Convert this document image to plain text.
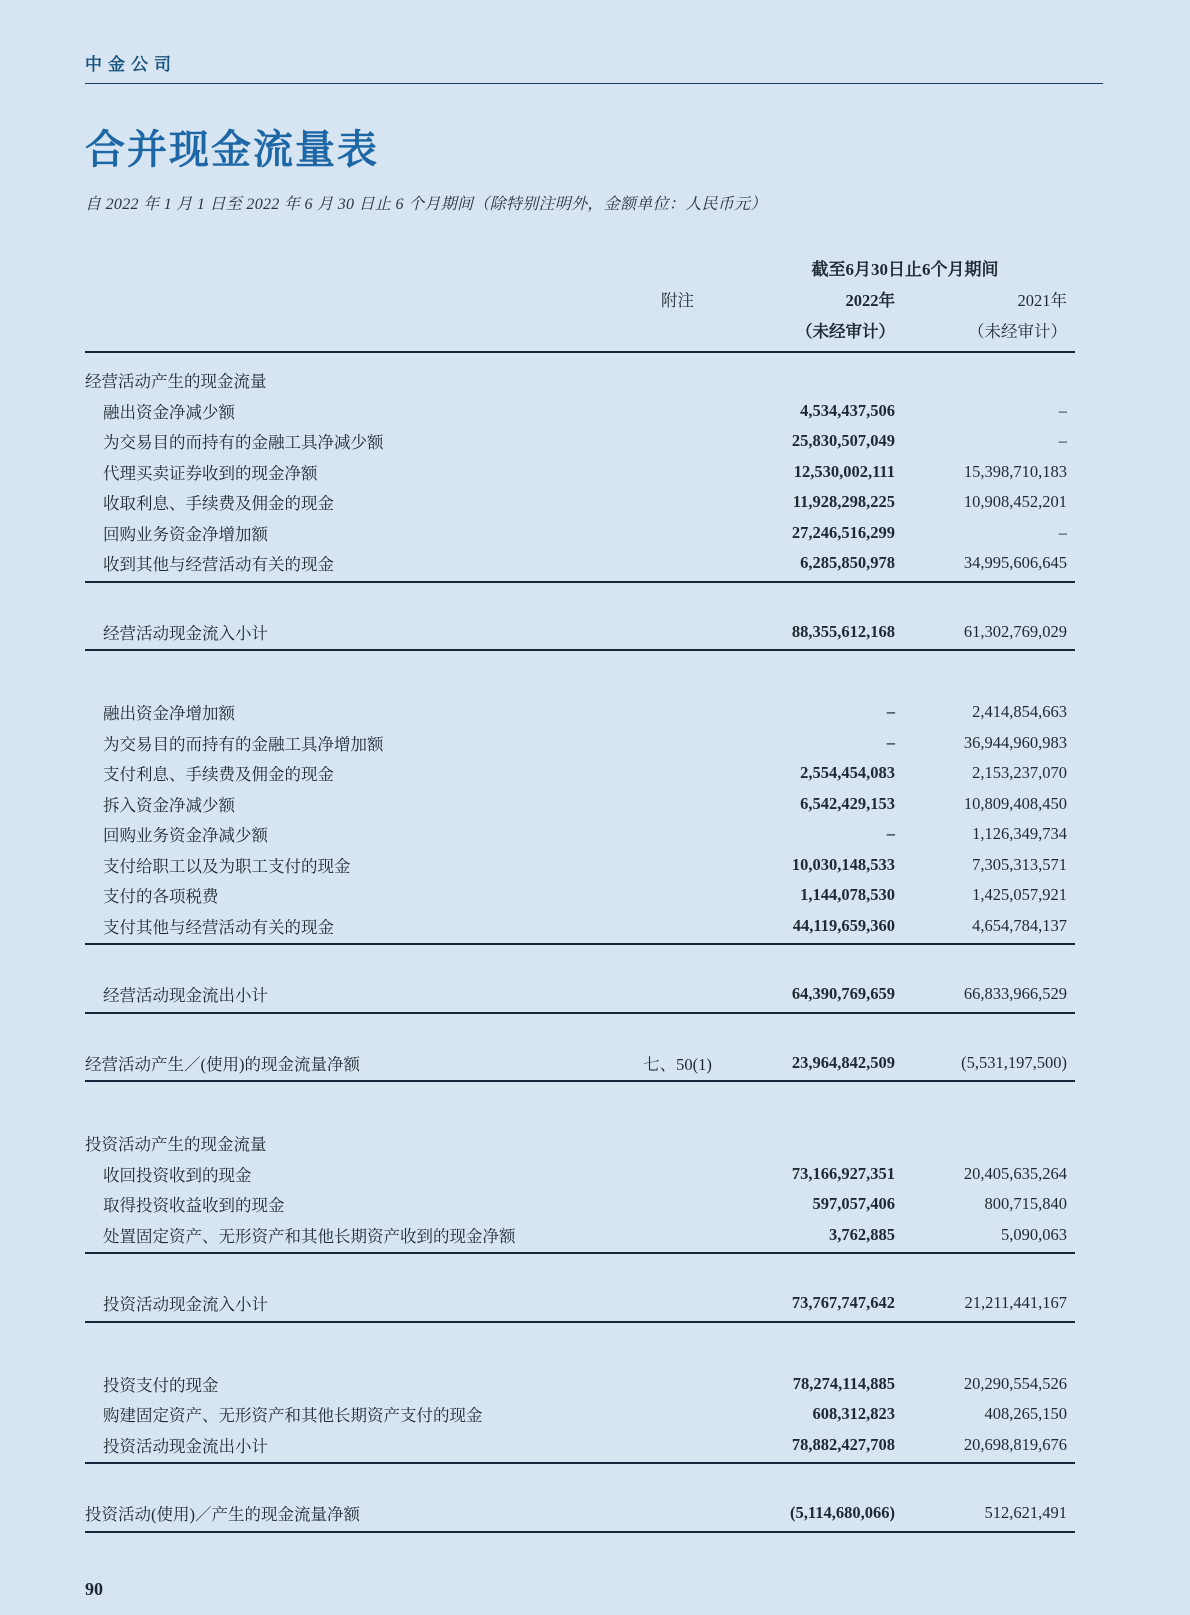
中金公司
合并现金流量表

自 2022 年 1 月 1 日至 2022 年 6 月 30 日止 6 个月期间（除特别注明外，金额单位：人民币元）

截至6月30日止6个月期间
附注	2022年	2021年
（未经审计）	（未经审计）
经营活动产生的现金流量
融出资金净减少额	4,534,437,506	–
为交易目的而持有的金融工具净减少额	25,830,507,049	–
代理买卖证券收到的现金净额	12,530,002,111	15,398,710,183
收取利息、手续费及佣金的现金	11,928,298,225	10,908,452,201
回购业务资金净增加额	27,246,516,299	–
收到其他与经营活动有关的现金	6,285,850,978	34,995,606,645
经营活动现金流入小计	88,355,612,168	61,302,769,029
融出资金净增加额	–	2,414,854,663
为交易目的而持有的金融工具净增加额	–	36,944,960,983
支付利息、手续费及佣金的现金	2,554,454,083	2,153,237,070
拆入资金净减少额	6,542,429,153	10,809,408,450
回购业务资金净减少额	–	1,126,349,734
支付给职工以及为职工支付的现金	10,030,148,533	7,305,313,571
支付的各项税费	1,144,078,530	1,425,057,921
支付其他与经营活动有关的现金	44,119,659,360	4,654,784,137
经营活动现金流出小计	64,390,769,659	66,833,966,529
经营活动产生／(使用)的现金流量净额	七、50(1)	23,964,842,509	(5,531,197,500)
投资活动产生的现金流量
收回投资收到的现金	73,166,927,351	20,405,635,264
取得投资收益收到的现金	597,057,406	800,715,840
处置固定资产、无形资产和其他长期资产收到的现金净额	3,762,885	5,090,063
投资活动现金流入小计	73,767,747,642	21,211,441,167
投资支付的现金	78,274,114,885	20,290,554,526
购建固定资产、无形资产和其他长期资产支付的现金	608,312,823	408,265,150
投资活动现金流出小计	78,882,427,708	20,698,819,676
投资活动(使用)／产生的现金流量净额	(5,114,680,066)	512,621,491
90
